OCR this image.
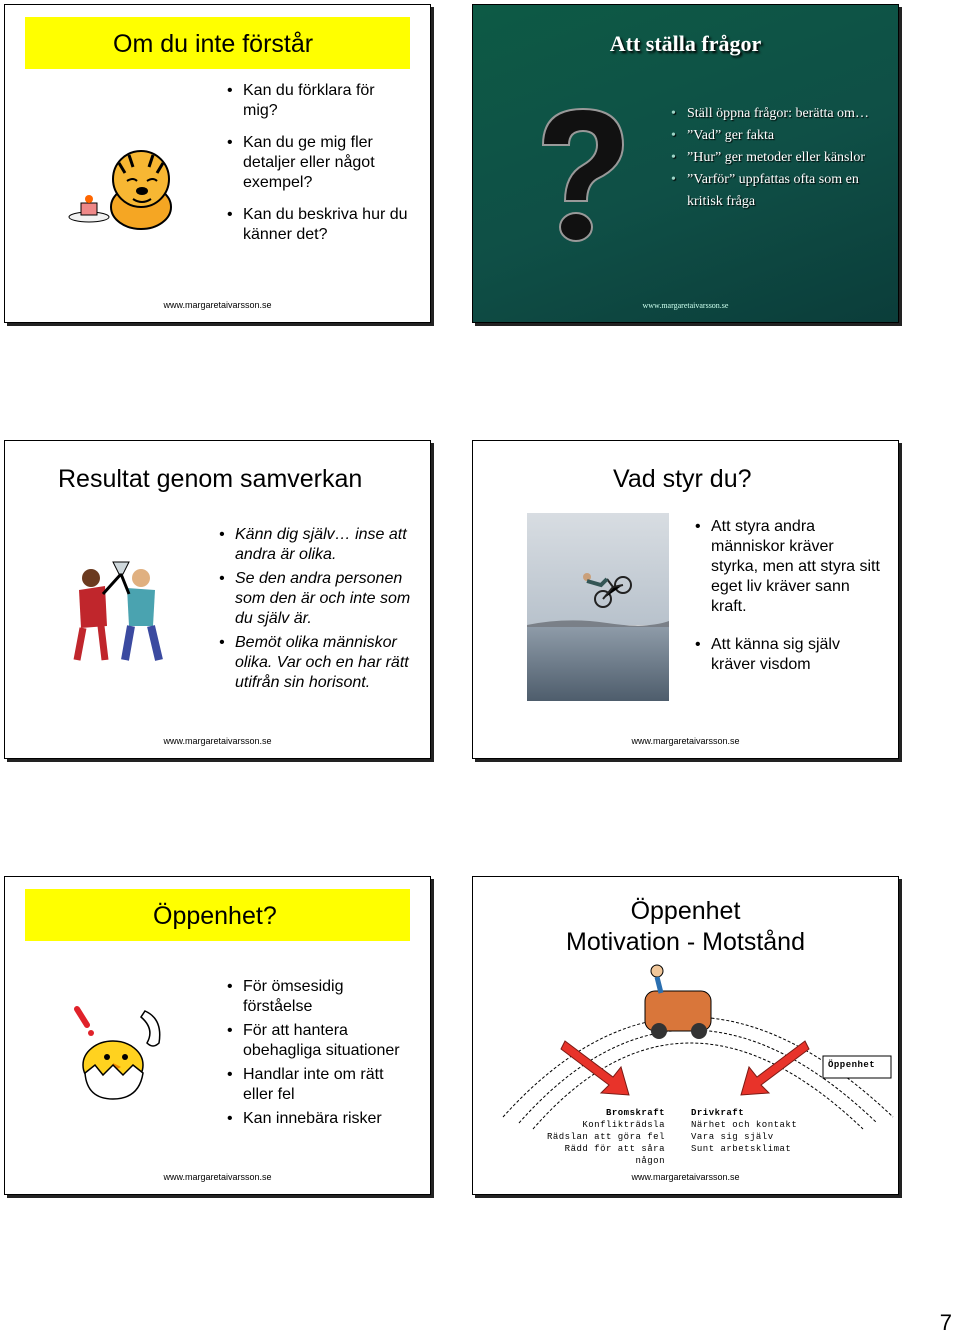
Om du inte förstår
• Kan du förklara för mig?
• Kan du ge mig fler detaljer eller något exempel?
• Kan du beskriva hur du känner det?
www.margaretaivarsson.se
Att ställa frågor
• Ställ öppna frågor: berätta om…
• ”Vad” ger fakta
• ”Hur” ger metoder eller känslor
• ”Varför” uppfattas ofta som en kritisk fråga
www.margaretaivarsson.se
Resultat genom samverkan
• Känn dig själv… inse att andra är olika.
• Se den andra personen som den är och inte som du själv är.
• Bemöt olika människor olika. Var och en har rätt utifrån sin horisont.
www.margaretaivarsson.se
Vad styr du?
• Att styra andra människor kräver styrka, men att styra sitt eget liv kräver sann kraft.
• Att känna sig själv kräver visdom
www.margaretaivarsson.se
Öppenhet?
• För ömsesidig förståelse
• För att hantera obehagliga situationer
• Handlar inte om rätt eller fel
• Kan innebära risker
www.margaretaivarsson.se
Öppenhet
Motivation - Motstånd
Öppenhet
Bromskraft
Konflikträdsla
Rädslan att göra fel
Rädd för att såra någon
Drivkraft
Närhet och kontakt
Vara sig själv
Sunt arbetsklimat
www.margaretaivarsson.se
7
